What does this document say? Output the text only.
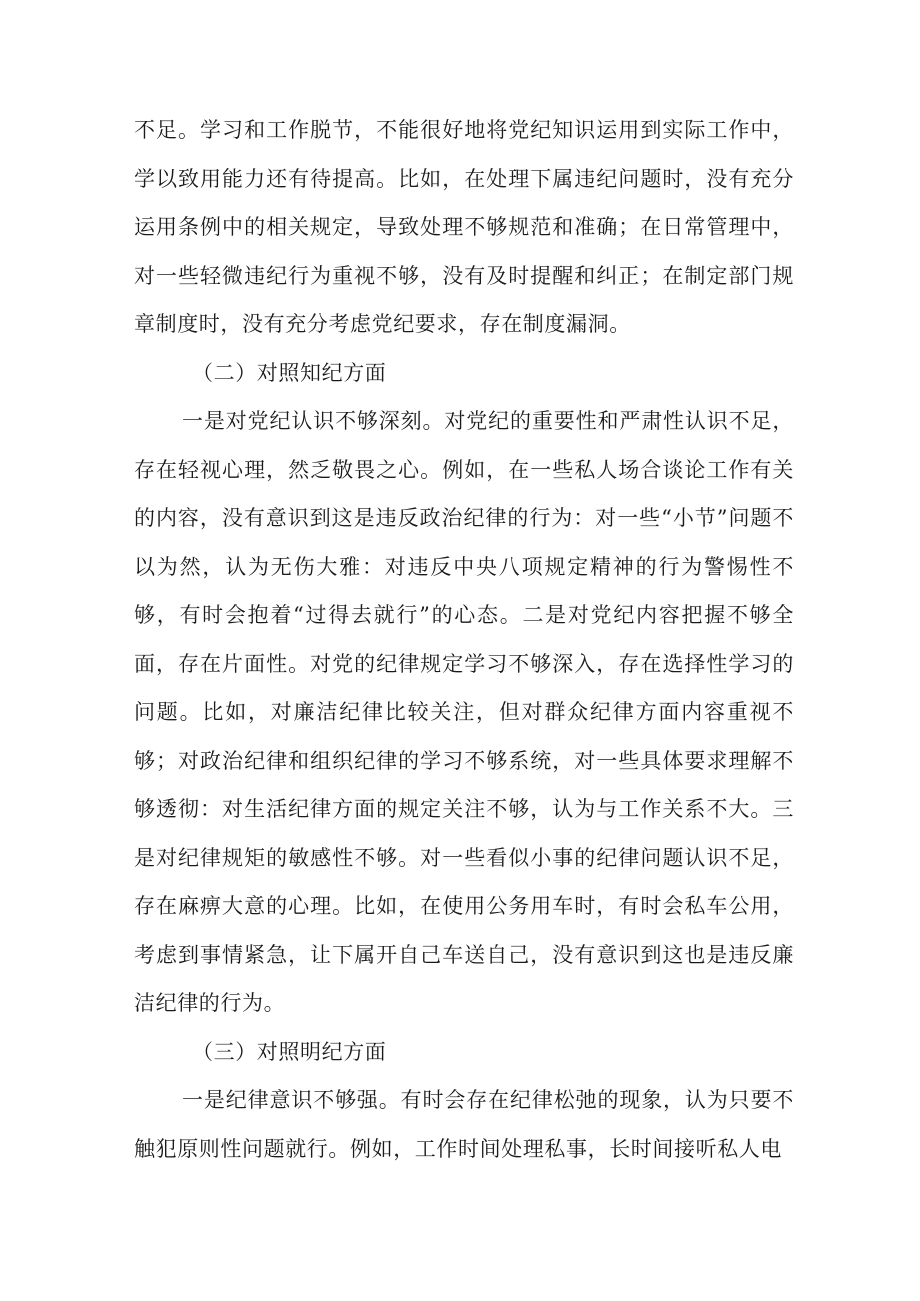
不足。学习和工作脱节，不能很好地将党纪知识运用到实际工作中，学以致用能力还有待提高。比如，在处理下属违纪问题时，没有充分运用条例中的相关规定，导致处理不够规范和准确；在日常管理中，对一些轻微违纪行为重视不够，没有及时提醒和纠正；在制定部门规章制度时，没有充分考虑党纪要求，存在制度漏洞。

（二）对照知纪方面

一是对党纪认识不够深刻。对党纪的重要性和严肃性认识不足，存在轻视心理，然乏敬畏之心。例如，在一些私人场合谈论工作有关的内容，没有意识到这是违反政治纪律的行为：对一些“小节”问题不以为然，认为无伤大雅：对违反中央八项规定精神的行为警惕性不够，有时会抱着“过得去就行”的心态。二是对党纪内容把握不够全面，存在片面性。对党的纪律规定学习不够深入，存在选择性学习的问题。比如，对廉洁纪律比较关注，但对群众纪律方面内容重视不够；对政治纪律和组织纪律的学习不够系统，对一些具体要求理解不够透彻：对生活纪律方面的规定关注不够，认为与工作关系不大。三是对纪律规矩的敏感性不够。对一些看似小事的纪律问题认识不足，存在麻痹大意的心理。比如，在使用公务用车时，有时会私车公用，考虑到事情紧急，让下属开自己车送自己，没有意识到这也是违反廉洁纪律的行为。

（三）对照明纪方面

一是纪律意识不够强。有时会存在纪律松弛的现象，认为只要不触犯原则性问题就行。例如，工作时间处理私事，长时间接听私人电
